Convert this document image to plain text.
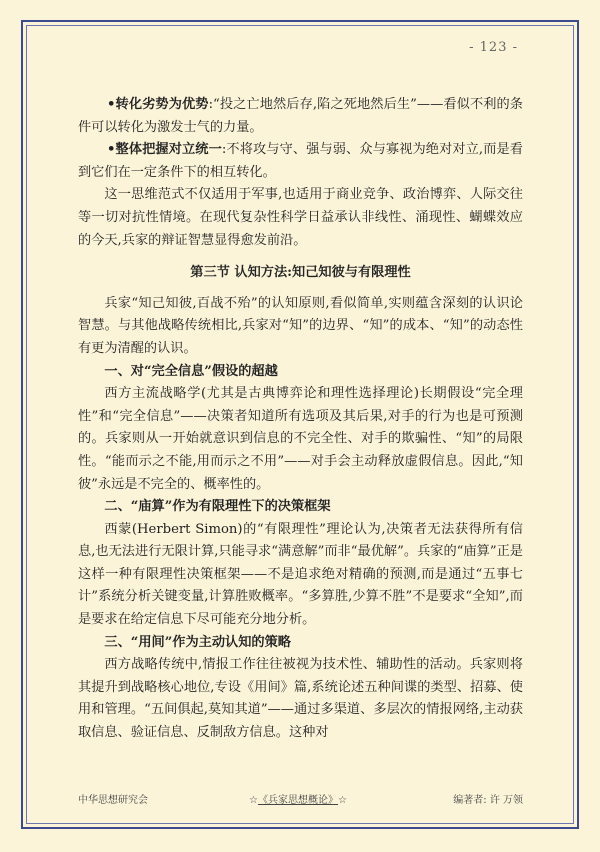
- 123 -

•转化劣势为优势:“投之亡地然后存,陷之死地然后生”——看似不利的条件可以转化为激发士气的力量。

•整体把握对立统一:不将攻与守、强与弱、众与寡视为绝对对立,而是看到它们在一定条件下的相互转化。

这一思维范式不仅适用于军事,也适用于商业竞争、政治博弈、人际交往等一切对抗性情境。在现代复杂性科学日益承认非线性、涌现性、蝴蝶效应的今天,兵家的辩证智慧显得愈发前沿。

第三节 认知方法:知己知彼与有限理性

兵家“知己知彼,百战不殆”的认知原则,看似简单,实则蕴含深刻的认识论智慧。与其他战略传统相比,兵家对“知”的边界、“知”的成本、“知”的动态性有更为清醒的认识。

一、对“完全信息”假设的超越

西方主流战略学(尤其是古典博弈论和理性选择理论)长期假设“完全理性”和“完全信息”——决策者知道所有选项及其后果,对手的行为也是可预测的。兵家则从一开始就意识到信息的不完全性、对手的欺骗性、“知”的局限性。“能而示之不能,用而示之不用”——对手会主动释放虚假信息。因此,“知彼”永远是不完全的、概率性的。

二、“庙算”作为有限理性下的决策框架

西蒙(Herbert Simon)的“有限理性”理论认为,决策者无法获得所有信息,也无法进行无限计算,只能寻求“满意解”而非“最优解”。兵家的“庙算”正是这样一种有限理性决策框架——不是追求绝对精确的预测,而是通过“五事七计”系统分析关键变量,计算胜败概率。“多算胜,少算不胜”不是要求“全知”,而是要求在给定信息下尽可能充分地分析。

三、“用间”作为主动认知的策略

西方战略传统中,情报工作往往被视为技术性、辅助性的活动。兵家则将其提升到战略核心地位,专设《用间》篇,系统论述五种间谍的类型、招募、使用和管理。“五间俱起,莫知其道”——通过多渠道、多层次的情报网络,主动获取信息、验证信息、反制敌方信息。这种对

中华思想研究会	☆《兵家思想概论》☆	编著者: 许 万领
